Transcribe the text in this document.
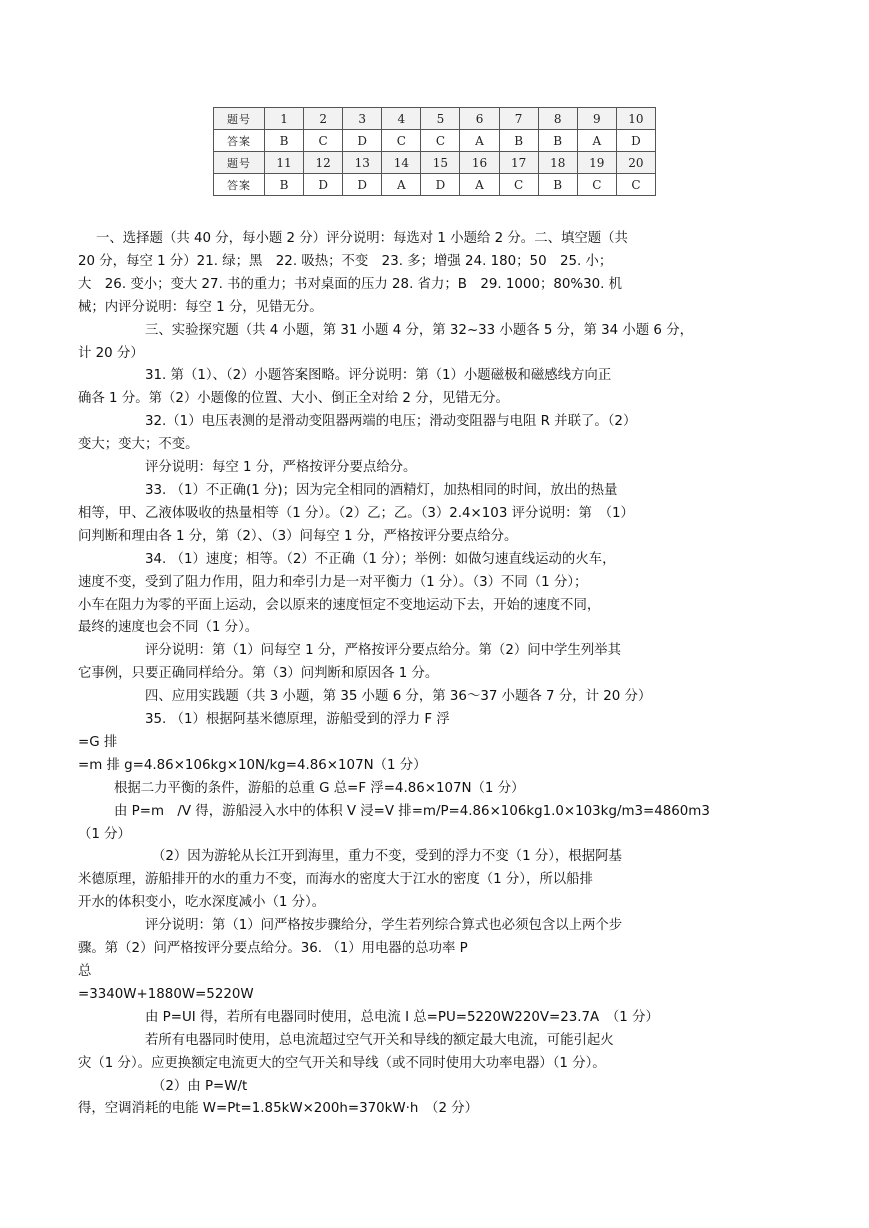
题号	1	2	3	4	5	6	7	8	9	10
答案	B	C	D	C	C	A	B	B	A	D
题号	11	12	13	14	15	16	17	18	19	20
答案	B	D	D	A	D	A	C	B	C	C

一、选择题（共 40 分，每小题 2 分）评分说明：每选对 1 小题给 2 分。二、填空题（共

20 分，每空 1 分）21. 绿；黑　22. 吸热；不变　23. 多；增强 24. 180；50　25. 小；

大　26. 变小；变大 27. 书的重力；书对桌面的压力 28. 省力；B　29. 1000；80%30. 机

械；内评分说明：每空 1 分，见错无分。

三、实验探究题（共 4 小题，第 31 小题 4 分，第 32~33 小题各 5 分，第 34 小题 6 分，

计 20 分）

31. 第（1）、（2）小题答案图略。评分说明：第（1）小题磁极和磁感线方向正

确各 1 分。第（2）小题像的位置、大小、倒正全对给 2 分，见错无分。

32.（1）电压表测的是滑动变阻器两端的电压；滑动变阻器与电阻 R 并联了。（2）

变大；变大；不变。

评分说明：每空 1 分，严格按评分要点给分。

33. （1）不正确(1 分)；因为完全相同的酒精灯，加热相同的时间，放出的热量

相等，甲、乙液体吸收的热量相等（1 分）。（2）乙；乙。（3）2.4×103 评分说明：第　（1）

问判断和理由各 1 分，第（2）、（3）问每空 1 分，严格按评分要点给分。

34. （1）速度；相等。（2）不正确（1 分）；举例：如做匀速直线运动的火车，

速度不变，受到了阻力作用，阻力和牵引力是一对平衡力（1 分）。（3）不同（1 分）；

小车在阻力为零的平面上运动，会以原来的速度恒定不变地运动下去，开始的速度不同，

最终的速度也会不同（1 分）。

评分说明：第（1）问每空 1 分，严格按评分要点给分。第（2）问中学生列举其

它事例，只要正确同样给分。第（3）问判断和原因各 1 分。

四、应用实践题（共 3 小题，第 35 小题 6 分，第 36～37 小题各 7 分，计 20 分）

35. （1）根据阿基米德原理，游船受到的浮力 F 浮

=G 排

=m 排 g=4.86×106kg×10N/kg=4.86×107N（1 分）

根据二力平衡的条件，游船的总重 G 总=F 浮=4.86×107N（1 分）

由 P=m　/V 得，游船浸入水中的体积 V 浸=V 排=m/P=4.86×106kg1.0×103kg/m3=4860m3

（1 分）

（2）因为游轮从长江开到海里，重力不变，受到的浮力不变（1 分），根据阿基

米德原理，游船排开的水的重力不变，而海水的密度大于江水的密度（1 分），所以船排

开水的体积变小，吃水深度减小（1 分）。

评分说明：第（1）问严格按步骤给分，学生若列综合算式也必须包含以上两个步

骤。第（2）问严格按评分要点给分。36. （1）用电器的总功率 P

总

=3340W+1880W=5220W

由 P=UI 得，若所有电器同时使用，总电流 I 总=PU=5220W220V=23.7A　（1 分）

若所有电器同时使用，总电流超过空气开关和导线的额定最大电流，可能引起火

灾（1 分）。应更换额定电流更大的空气开关和导线（或不同时使用大功率电器）（1 分）。

（2）由 P=W/t

得，空调消耗的电能 W=Pt=1.85kW×200h=370kW·h　（2 分）
